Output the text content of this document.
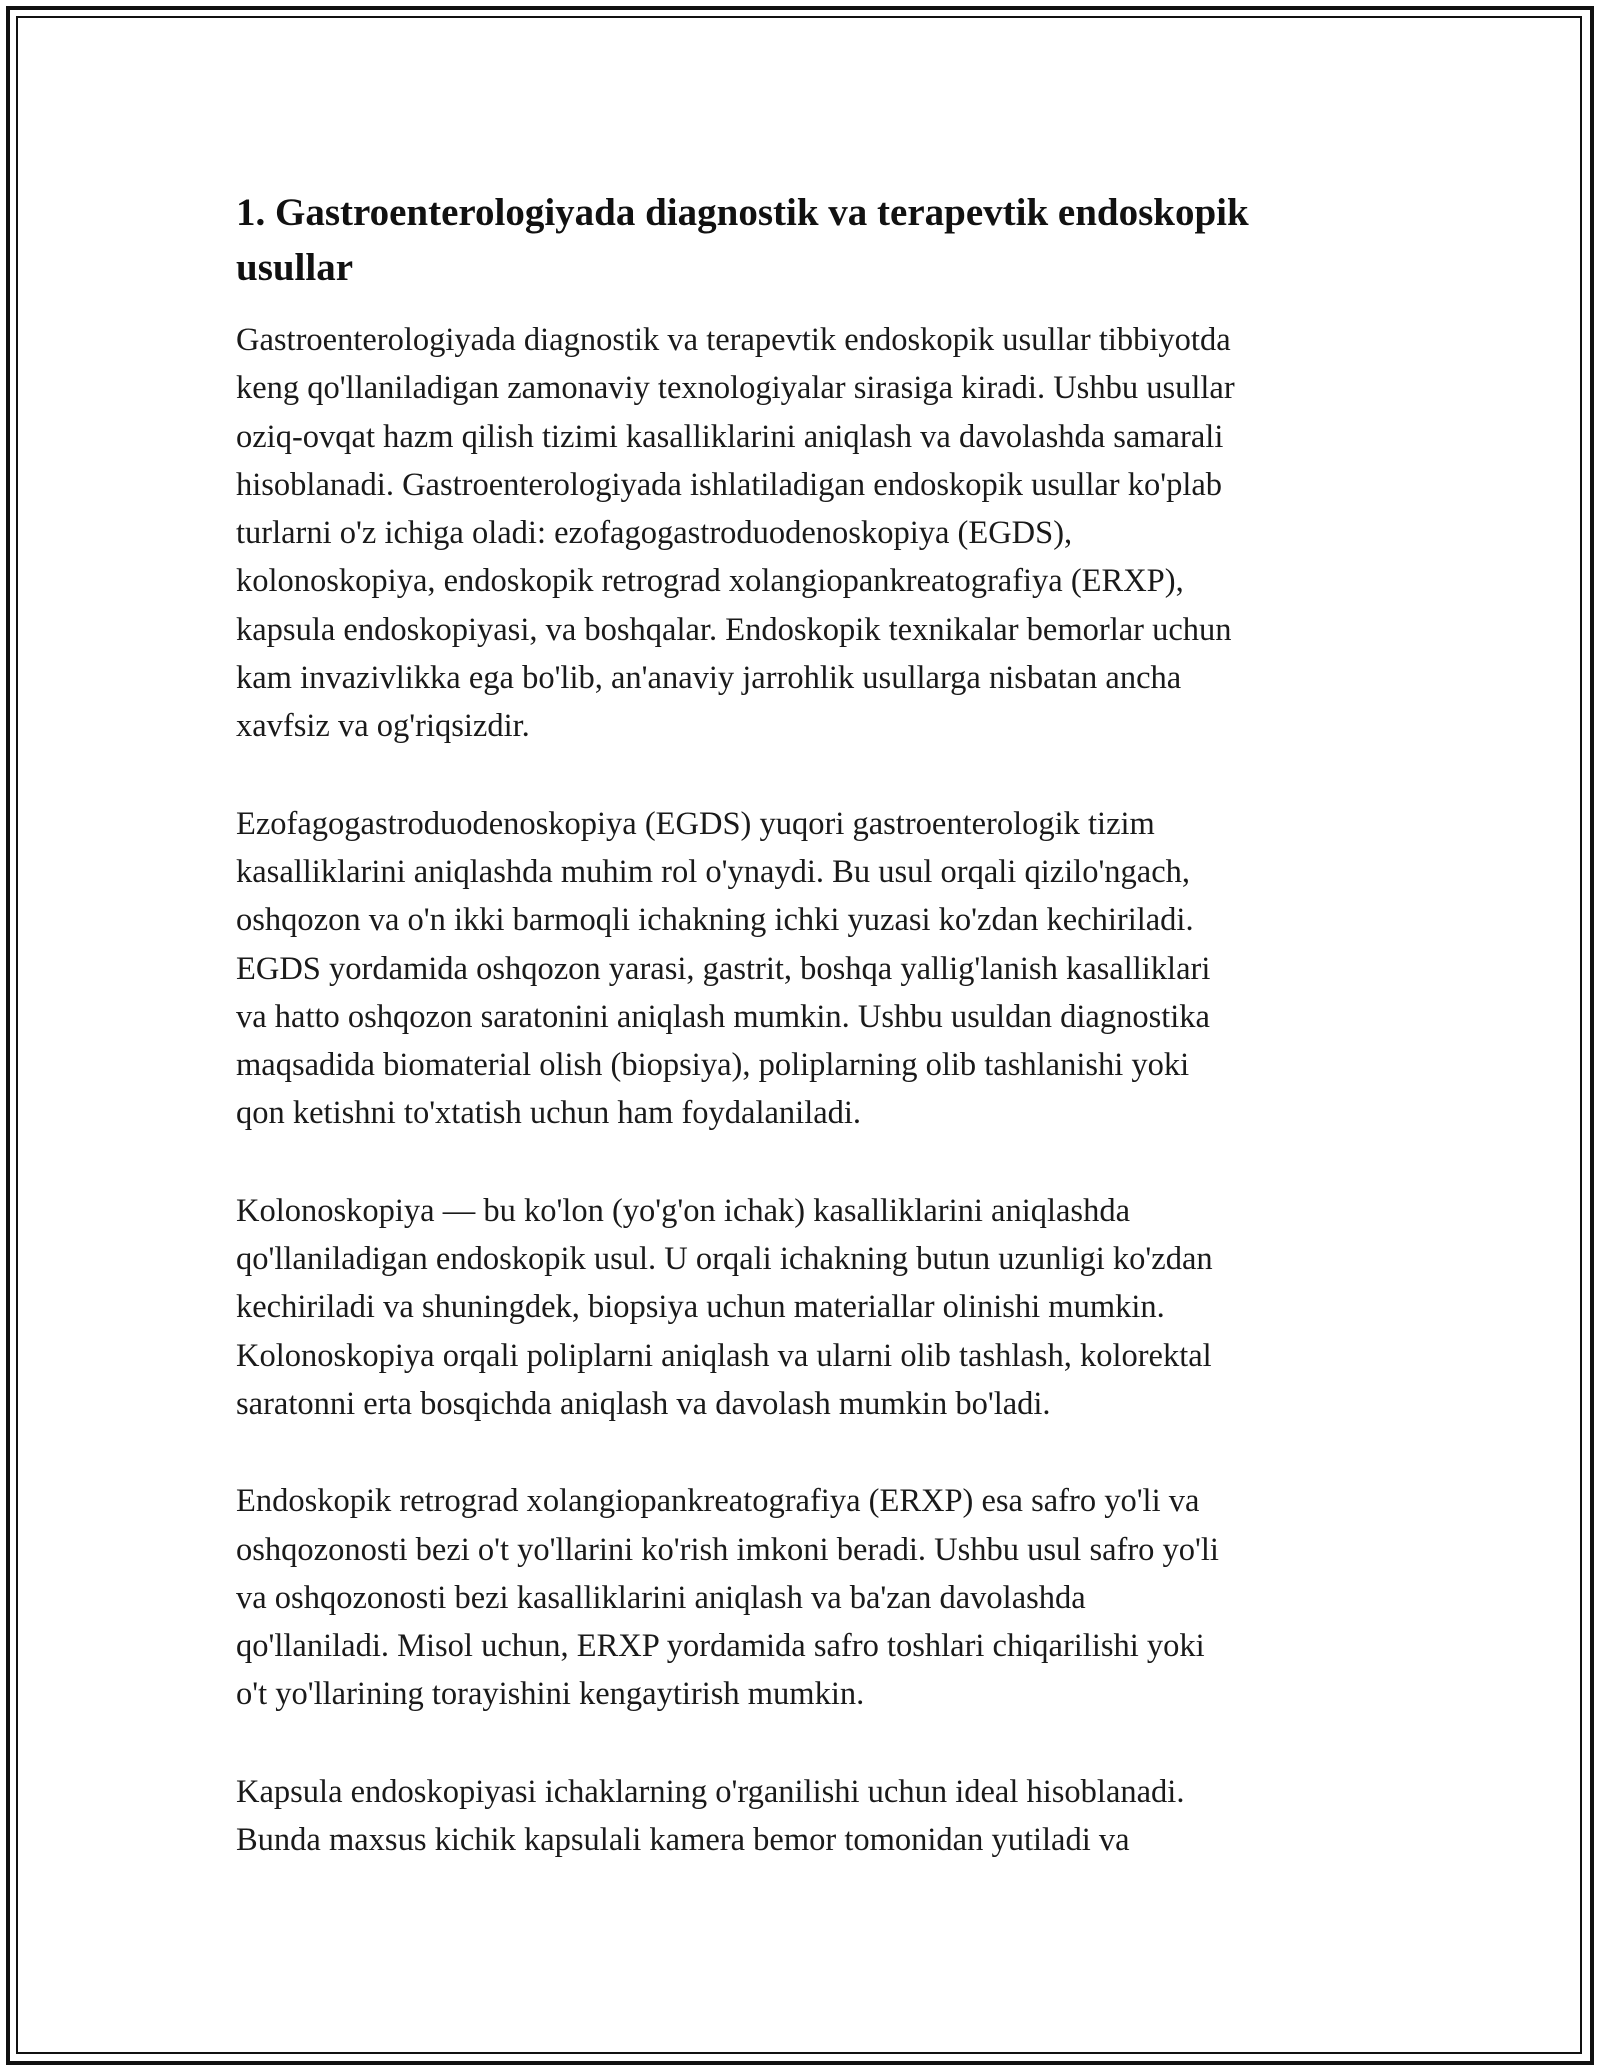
1. Gastroenterologiyada diagnostik va terapevtik endoskopik
usullar

Gastroenterologiyada diagnostik va terapevtik endoskopik usullar tibbiyotda
keng qo'llaniladigan zamonaviy texnologiyalar sirasiga kiradi. Ushbu usullar
oziq-ovqat hazm qilish tizimi kasalliklarini aniqlash va davolashda samarali
hisoblanadi. Gastroenterologiyada ishlatiladigan endoskopik usullar ko'plab
turlarni o'z ichiga oladi: ezofagogastroduodenoskopiya (EGDS),
kolonoskopiya, endoskopik retrograd xolangiopankreatografiya (ERXP),
kapsula endoskopiyasi, va boshqalar. Endoskopik texnikalar bemorlar uchun
kam invazivlikka ega bo'lib, an'anaviy jarrohlik usullarga nisbatan ancha
xavfsiz va og'riqsizdir.

Ezofagogastroduodenoskopiya (EGDS) yuqori gastroenterologik tizim
kasalliklarini aniqlashda muhim rol o'ynaydi. Bu usul orqali qizilo'ngach,
oshqozon va o'n ikki barmoqli ichakning ichki yuzasi ko'zdan kechiriladi.
EGDS yordamida oshqozon yarasi, gastrit, boshqa yallig'lanish kasalliklari
va hatto oshqozon saratonini aniqlash mumkin. Ushbu usuldan diagnostika
maqsadida biomaterial olish (biopsiya), poliplarning olib tashlanishi yoki
qon ketishni to'xtatish uchun ham foydalaniladi.

Kolonoskopiya — bu ko'lon (yo'g'on ichak) kasalliklarini aniqlashda
qo'llaniladigan endoskopik usul. U orqali ichakning butun uzunligi ko'zdan
kechiriladi va shuningdek, biopsiya uchun materiallar olinishi mumkin.
Kolonoskopiya orqali poliplarni aniqlash va ularni olib tashlash, kolorektal
saratonni erta bosqichda aniqlash va davolash mumkin bo'ladi.

Endoskopik retrograd xolangiopankreatografiya (ERXP) esa safro yo'li va
oshqozonosti bezi o't yo'llarini ko'rish imkoni beradi. Ushbu usul safro yo'li
va oshqozonosti bezi kasalliklarini aniqlash va ba'zan davolashda
qo'llaniladi. Misol uchun, ERXP yordamida safro toshlari chiqarilishi yoki
o't yo'llarining torayishini kengaytirish mumkin.

Kapsula endoskopiyasi ichaklarning o'rganilishi uchun ideal hisoblanadi.
Bunda maxsus kichik kapsulali kamera bemor tomonidan yutiladi va
